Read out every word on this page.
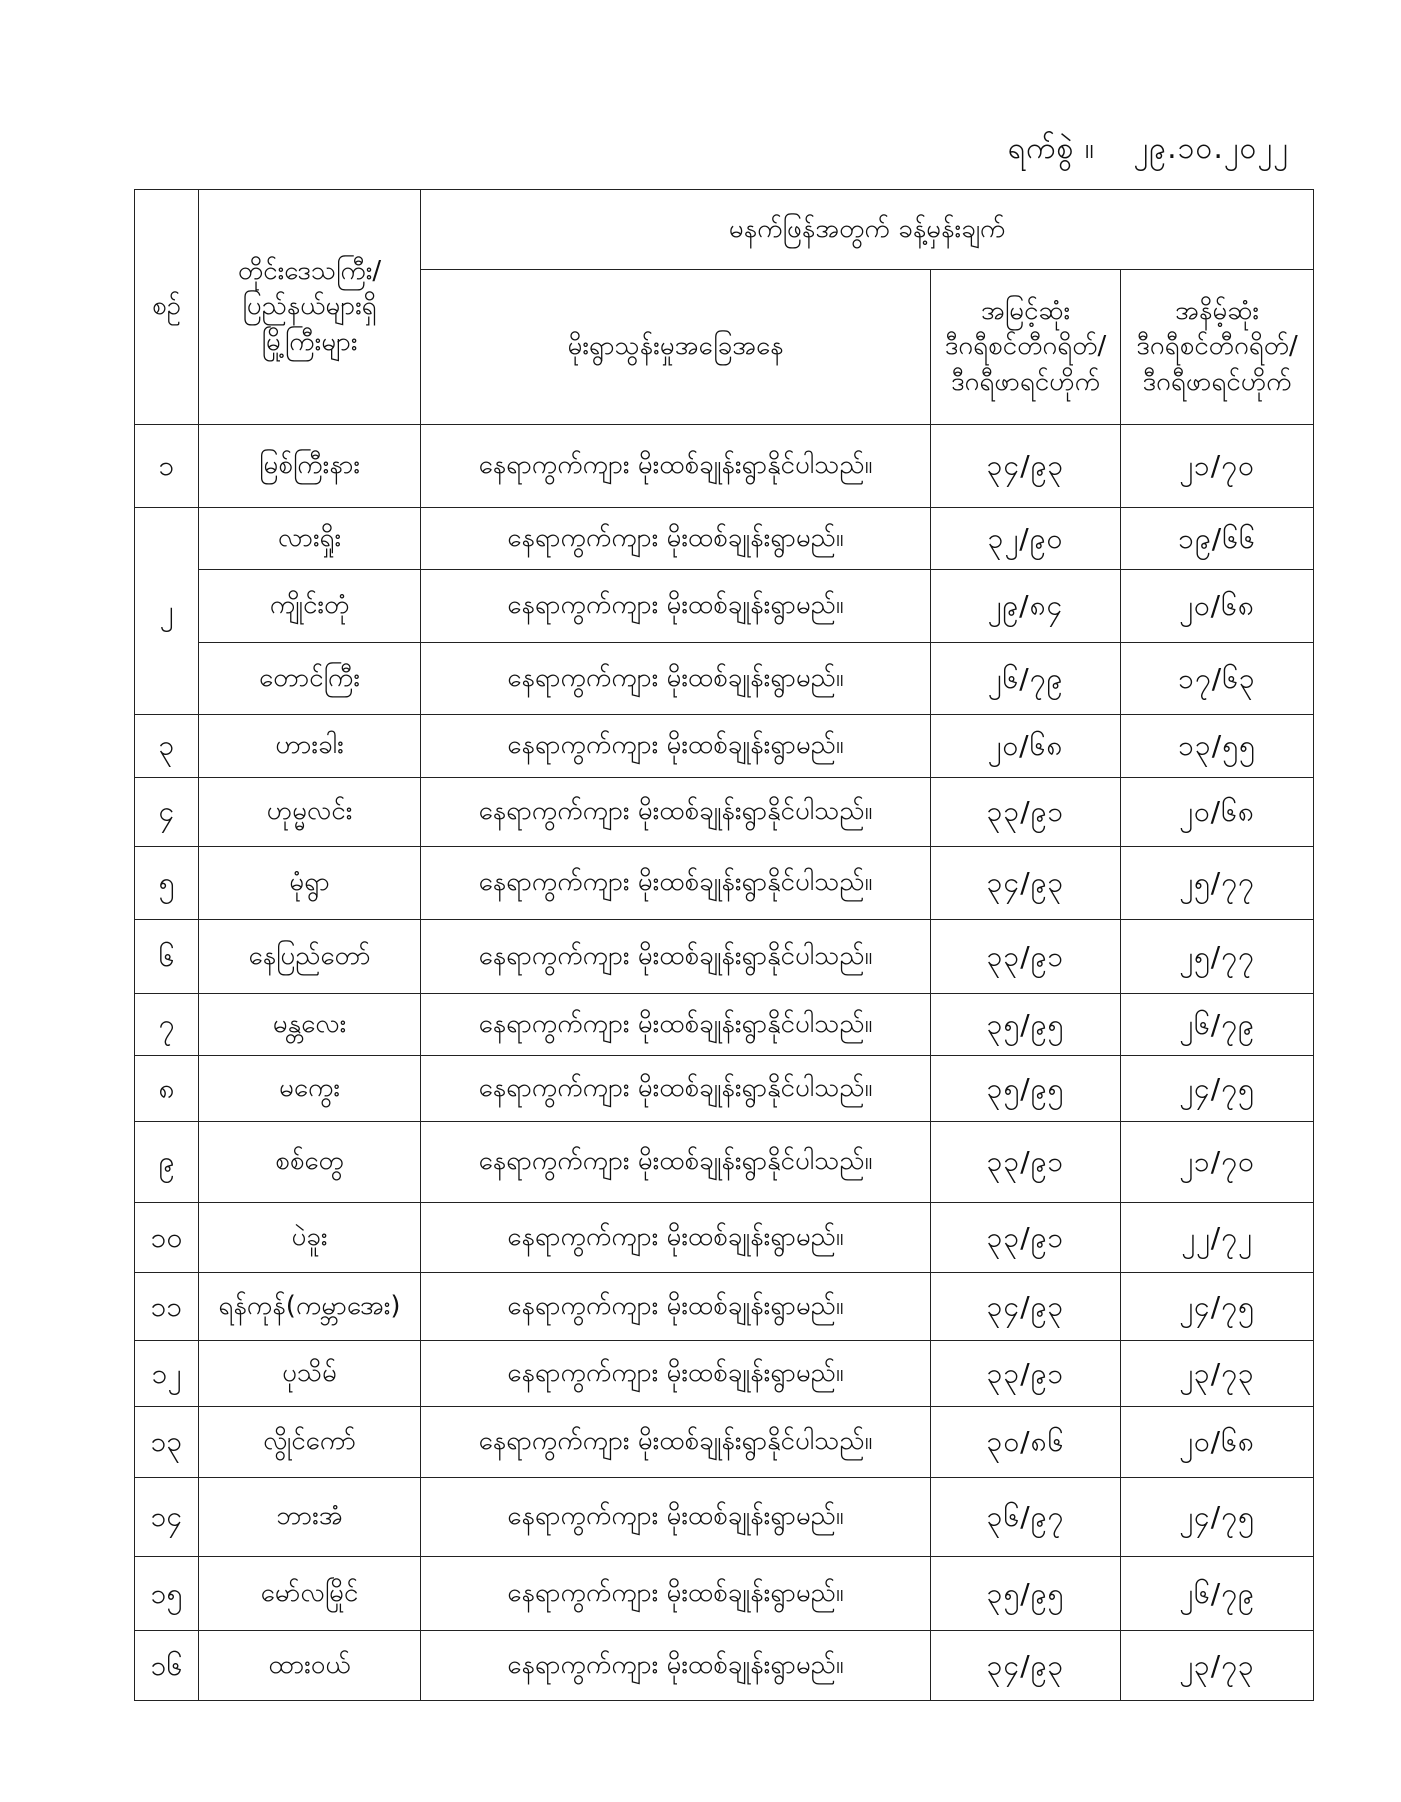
ရက်စွဲ ။ ၂၉.၁၀.၂၀၂၂
စဉ်	တိုင်းဒေသကြီး/
ပြည်နယ်များရှိ
မြို့ကြီးများ	မနက်ဖြန်အတွက် ခန့်မှန်းချက်		
		မိုးရွာသွန်းမှုအခြေအနေ	အမြင့်ဆုံး
ဒီဂရီစင်တီဂရိတ်/
ဒီဂရီဖာရင်ဟိုက်	အနိမ့်ဆုံး
ဒီဂရီစင်တီဂရိတ်/
ဒီဂရီဖာရင်ဟိုက်

၁	မြစ်ကြီးနား	နေရာကွက်ကျား မိုးထစ်ချုန်းရွာနိုင်ပါသည်။	၃၄/၉၃	၂၁/၇၀
၂	လားရှိုး	နေရာကွက်ကျား မိုးထစ်ချုန်းရွာမည်။	၃၂/၉၀	၁၉/၆၆
	ကျိုင်းတုံ	နေရာကွက်ကျား မိုးထစ်ချုန်းရွာမည်။	၂၉/၈၄	၂၀/၆၈
	တောင်ကြီး	နေရာကွက်ကျား မိုးထစ်ချုန်းရွာမည်။	၂၆/၇၉	၁၇/၆၃
၃	ဟားခါး	နေရာကွက်ကျား မိုးထစ်ချုန်းရွာမည်။	၂၀/၆၈	၁၃/၅၅
၄	ဟုမ္မလင်း	နေရာကွက်ကျား မိုးထစ်ချုန်းရွာနိုင်ပါသည်။	၃၃/၉၁	၂၀/၆၈
၅	မုံရွာ	နေရာကွက်ကျား မိုးထစ်ချုန်းရွာနိုင်ပါသည်။	၃၄/၉၃	၂၅/၇၇
၆	နေပြည်တော်	နေရာကွက်ကျား မိုးထစ်ချုန်းရွာနိုင်ပါသည်။	၃၃/၉၁	၂၅/၇၇
၇	မန္တလေး	နေရာကွက်ကျား မိုးထစ်ချုန်းရွာနိုင်ပါသည်။	၃၅/၉၅	၂၆/၇၉
၈	မကွေး	နေရာကွက်ကျား မိုးထစ်ချုန်းရွာနိုင်ပါသည်။	၃၅/၉၅	၂၄/၇၅
၉	စစ်တွေ	နေရာကွက်ကျား မိုးထစ်ချုန်းရွာနိုင်ပါသည်။	၃၃/၉၁	၂၁/၇၀
၁၀	ပဲခူး	နေရာကွက်ကျား မိုးထစ်ချုန်းရွာမည်။	၃၃/၉၁	၂၂/၇၂
၁၁	ရန်ကုန်(ကမ္ဘာအေး)	နေရာကွက်ကျား မိုးထစ်ချုန်းရွာမည်။	၃၄/၉၃	၂၄/၇၅
၁၂	ပုသိမ်	နေရာကွက်ကျား မိုးထစ်ချုန်းရွာမည်။	၃၃/၉၁	၂၃/၇၃
၁၃	လွိုင်ကော်	နေရာကွက်ကျား မိုးထစ်ချုန်းရွာနိုင်ပါသည်။	၃၀/၈၆	၂၀/၆၈
၁၄	ဘားအံ	နေရာကွက်ကျား မိုးထစ်ချုန်းရွာမည်။	၃၆/၉၇	၂၄/၇၅
၁၅	မော်လမြိုင်	နေရာကွက်ကျား မိုးထစ်ချုန်းရွာမည်။	၃၅/၉၅	၂၆/၇၉
၁၆	ထားဝယ်	နေရာကွက်ကျား မိုးထစ်ချုန်းရွာမည်။	၃၄/၉၃	၂၃/၇၃
